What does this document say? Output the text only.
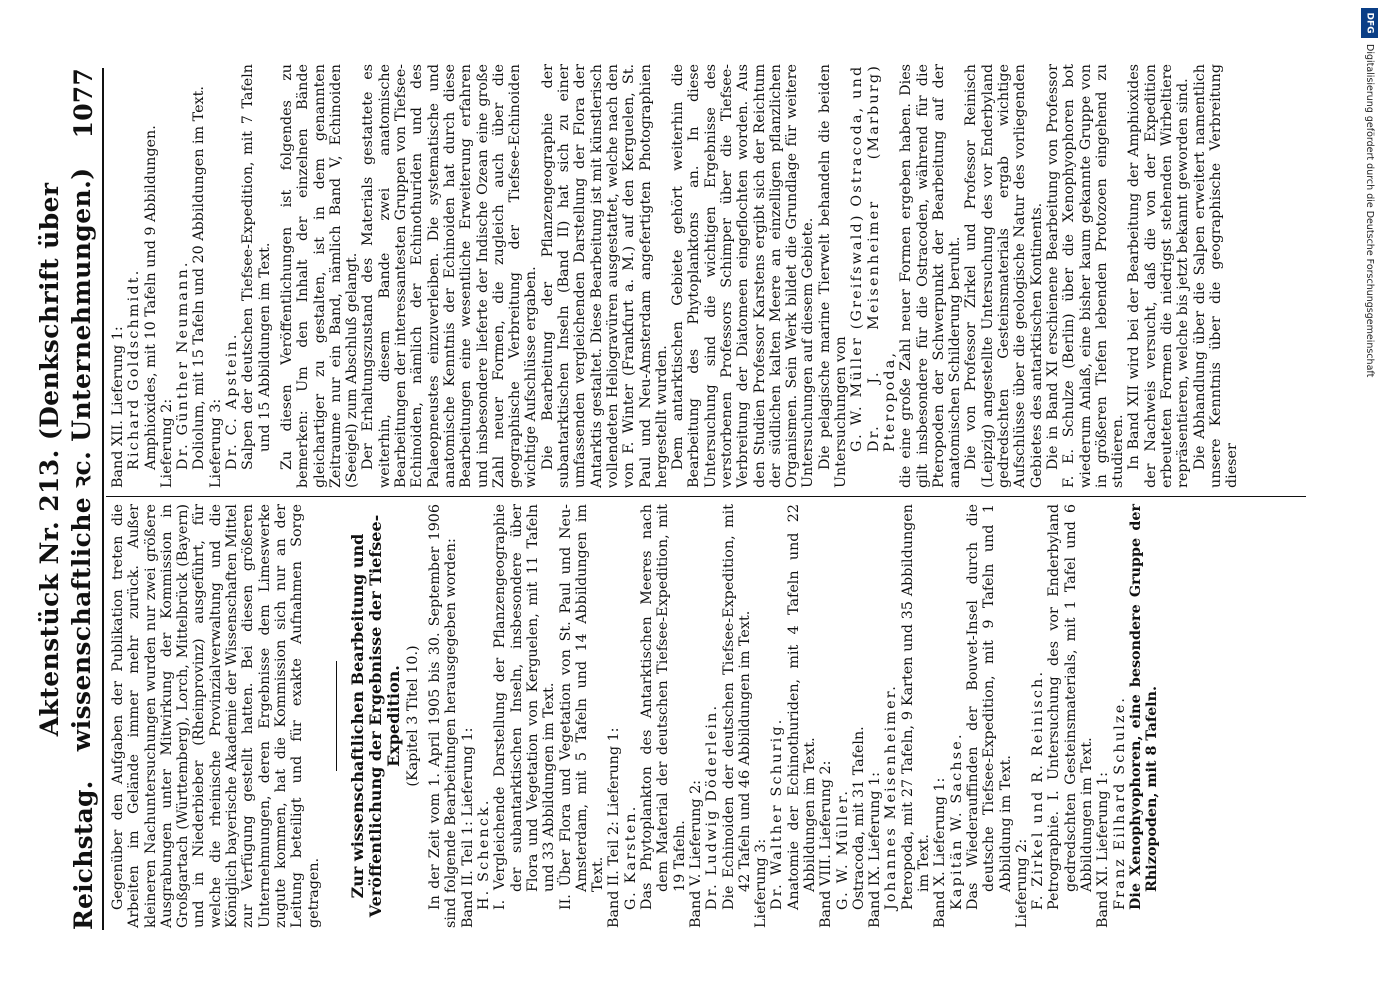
Reichstag.
Aktenstück Nr. 213. (Denkschrift über wissenschaftliche ꝛc. Unternehmungen.)
1077

Gegenüber den Aufgaben der Publikation treten die Arbeiten im Gelände immer mehr zurück. Außer kleineren Nachuntersuchungen wurden nur zwei größere Ausgrabungen unter Mitwirkung der Kommission in Großgartach (Württemberg), Lorch, Mittelbrück (Bayern) und in Niederbieber (Rheinprovinz) ausgeführt, für welche die rheinische Provinzialverwaltung und die Königlich bayerische Akademie der Wissenschaften Mittel zur Verfügung gestellt hatten. Bei diesen größeren Unternehmungen, deren Ergebnisse dem Limeswerke zugute kommen, hat die Kommission sich nur an der Leitung beteiligt und für exakte Aufnahmen Sorge getragen. Zur wissenschaftlichen Bearbeitung und Veröffentlichung der Ergebnisse der Tiefsee-Expedition. (Kapitel 3 Titel 10.) In der Zeit vom 1. April 1905 bis 30. September 1906 sind folgende Bearbeitungen herausgegeben worden: Band II. Teil 1: Lieferung 1: H. Schenck. I. Vergleichende Darstellung der Pflanzengeographie der subantarktischen Inseln, insbesondere über Flora und Vegetation von Kerguelen, mit 11 Tafeln und 33 Abbildungen im Text. II. Über Flora und Vegetation von St. Paul und Neu-Amsterdam, mit 5 Tafeln und 14 Abbildungen im Text. Band II. Teil 2: Lieferung 1: G. Karsten. Das Phytoplankton des Antarktischen Meeres nach dem Material der deutschen Tiefsee-Expedition, mit 19 Tafeln. Band V. Lieferung 2: Dr. Ludwig Döderlein. Die Echinoiden der deutschen Tiefsee-Expedition, mit 42 Tafeln und 46 Abbildungen im Text. Lieferung 3: Dr. Walther Schurig. Anatomie der Echinothuriden, mit 4 Tafeln und 22 Abbildungen im Text. Band VIII. Lieferung 2: G. W. Müller. Ostracoda, mit 31 Tafeln. Band IX. Lieferung 1: Johannes Meisenheimer. Pteropoda, mit 27 Tafeln, 9 Karten und 35 Abbildungen im Text. Band X. Lieferung 1: Kapitän W. Sachse. Das Wiederauffinden der Bouvet-Insel durch die deutsche Tiefsee-Expedition, mit 9 Tafeln und 1 Abbildung im Text. Lieferung 2: F. Zirkel und R. Reinisch. Petrographie. I. Untersuchung des vor Enderbyland gedredschten Gesteinsmaterials, mit 1 Tafel und 6 Abbildungen im Text. Band XI. Lieferung 1: Franz Eilhard Schulze. Die Xenophyophoren, eine besondere Gruppe der Rhizopoden, mit 8 Tafeln.

Band XII. Lieferung 1: Richard Goldschmidt. Amphioxides, mit 10 Tafeln und 9 Abbildungen. Lieferung 2: Dr. Günther Neumann. Doliolum, mit 15 Tafeln und 20 Abbildungen im Text. Lieferung 3: Dr. C. Apstein. Salpen der deutschen Tiefsee-Expedition, mit 7 Tafeln und 15 Abbildungen im Text. Zu diesen Veröffentlichungen ist folgendes zu bemerken: Um den Inhalt der einzelnen Bände gleichartiger zu gestalten, ist in dem genannten Zeitraume nur ein Band, nämlich Band V, Echinoiden (Seeigel) zum Abschluß gelangt. Der Erhaltungszustand des Materials gestattete es weiterhin, diesem Bande zwei anatomische Bearbeitungen der interessantesten Gruppen von Tiefsee-Echinoiden, nämlich der Echinothuriden und des Palaeopneustes einzuverleiben. Die systematische und anatomische Kenntnis der Echinoiden hat durch diese Bearbeitungen eine wesentliche Erweiterung erfahren und insbesondere lieferte der Indische Ozean eine große Zahl neuer Formen, die zugleich auch über die geographische Verbreitung der Tiefsee-Echinoiden wichtige Aufschlüsse ergaben. Die Bearbeitung der Pflanzengeographie der subantarktischen Inseln (Band II) hat sich zu einer umfassenden vergleichenden Darstellung der Flora der Antarktis gestaltet. Diese Bearbeitung ist mit künstlerisch vollendeten Heliogravüren ausgestattet, welche nach den von F. Winter (Frankfurt a. M.) auf den Kerguelen, St. Paul und Neu-Amsterdam angefertigten Photographien hergestellt wurden. Dem antarktischen Gebiete gehört weiterhin die Bearbeitung des Phytoplanktons an. In diese Untersuchung sind die wichtigen Ergebnisse des verstorbenen Professors Schimper über die Tiefsee-Verbreitung der Diatomeen eingeflochten worden. Aus den Studien Professor Karstens ergibt sich der Reichtum der südlichen kalten Meere an einzelligen pflanzlichen Organismen. Sein Werk bildet die Grundlage für weitere Untersuchungen auf diesem Gebiete. Die pelagische marine Tierwelt behandeln die beiden Untersuchungen von G. W. Müller (Greifswald) Ostracoda, und Dr. J. Meisenheimer (Marburg) Pteropoda, die eine große Zahl neuer Formen ergeben haben. Dies gilt insbesondere für die Ostracoden, während für die Pteropoden der Schwerpunkt der Bearbeitung auf der anatomischen Schilderung beruht. Die von Professor Zirkel und Professor Reinisch (Leipzig) angestellte Untersuchung des vor Enderbyland gedredschten Gesteinsmaterials ergab wichtige Aufschlüsse über die geologische Natur des vorliegenden Gebietes des antarktischen Kontinents. Die in Band XI erschienene Bearbeitung von Professor F. E. Schulze (Berlin) über die Xenophyophoren bot wiederum Anlaß, eine bisher kaum gekannte Gruppe von in größeren Tiefen lebenden Protozoen eingehend zu studieren. In Band XII wird bei der Bearbeitung der Amphioxides der Nachweis versucht, daß die von der Expedition erbeuteten Formen die niedrigst stehenden Wirbeltiere repräsentieren, welche bis jetzt bekannt geworden sind. Die Abhandlung über die Salpen erweitert namentlich unsere Kenntnis über die geographische Verbreitung dieser

DFG
Digitalisierung gefördert durch die Deutsche Forschungsgemeinschaft
